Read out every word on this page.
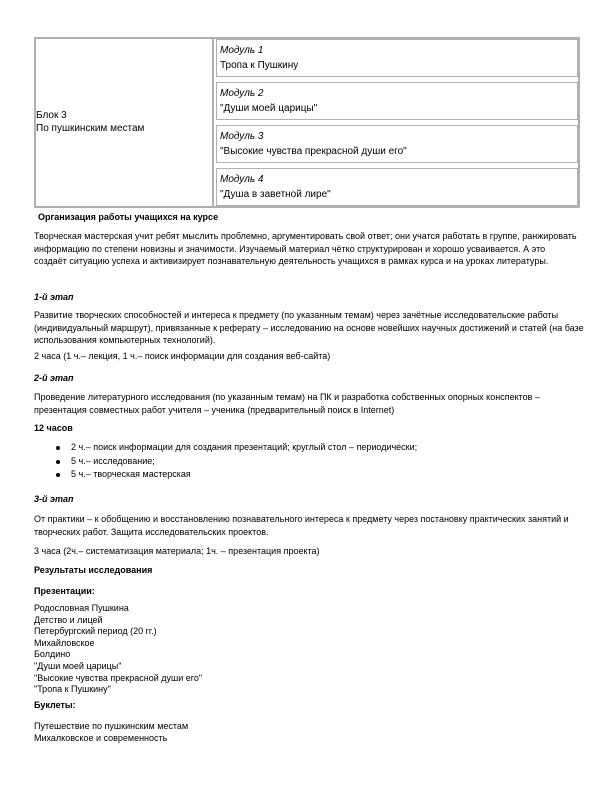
Блок 3
По пушкинским местам
Модуль 1
Тропа к Пушкину
Модуль 2
"Души моей царицы"
Модуль 3
"Высокие чувства прекрасной души его"
Модуль 4
"Душа в заветной лире"
Организация работы учащихся на курсе
Творческая мастерская учит ребят мыслить проблемно, аргументировать свой ответ; они учатся работать в группе, ранжировать информацию по степени новизны и значимости. Изучаемый материал чётко структурирован и хорошо усваивается. А это создаёт ситуацию успеха и активизирует познавательную деятельность учащихся в рамках курса и на уроках литературы.
1-й этап
Развитие творческих способностей и интереса к предмету (по указанным темам) через зачётные исследовательские работы (индивидуальный маршрут), привязанные к реферату – исследованию на основе новейших научных достижений и статей (на базе использования компьютерных технологий).
2 часа (1 ч.– лекция, 1 ч.– поиск информации для создания веб-сайта)
2-й этап
Проведение литературного исследования (по указанным темам) на ПК и разработка собственных опорных конспектов – презентация совместных работ учителя – ученика (предварительный поиск в Internet)
12 часов
2 ч.– поиск информации для создания презентаций; круглый стол – периодически;
5 ч.– исследование;
5 ч.– творческая мастерская
3-й этап
От практики – к обобщению и восстановлению познавательного интереса к предмету через постановку практических занятий и творческих работ. Защита исследовательских проектов.
3 часа (2ч.– систематизация материала; 1ч. – презентация проекта)
Результаты исследования
Презентации:
Родословная Пушкина
Детство и лицей
Петербургский период (20 гг.)
Михайловское
Болдино
"Души моей царицы"
"Высокие чувства прекрасной души его"
"Тропа к Пушкину"
Буклеты:
Путешествие по пушкинским местам
Михалковское и современность
